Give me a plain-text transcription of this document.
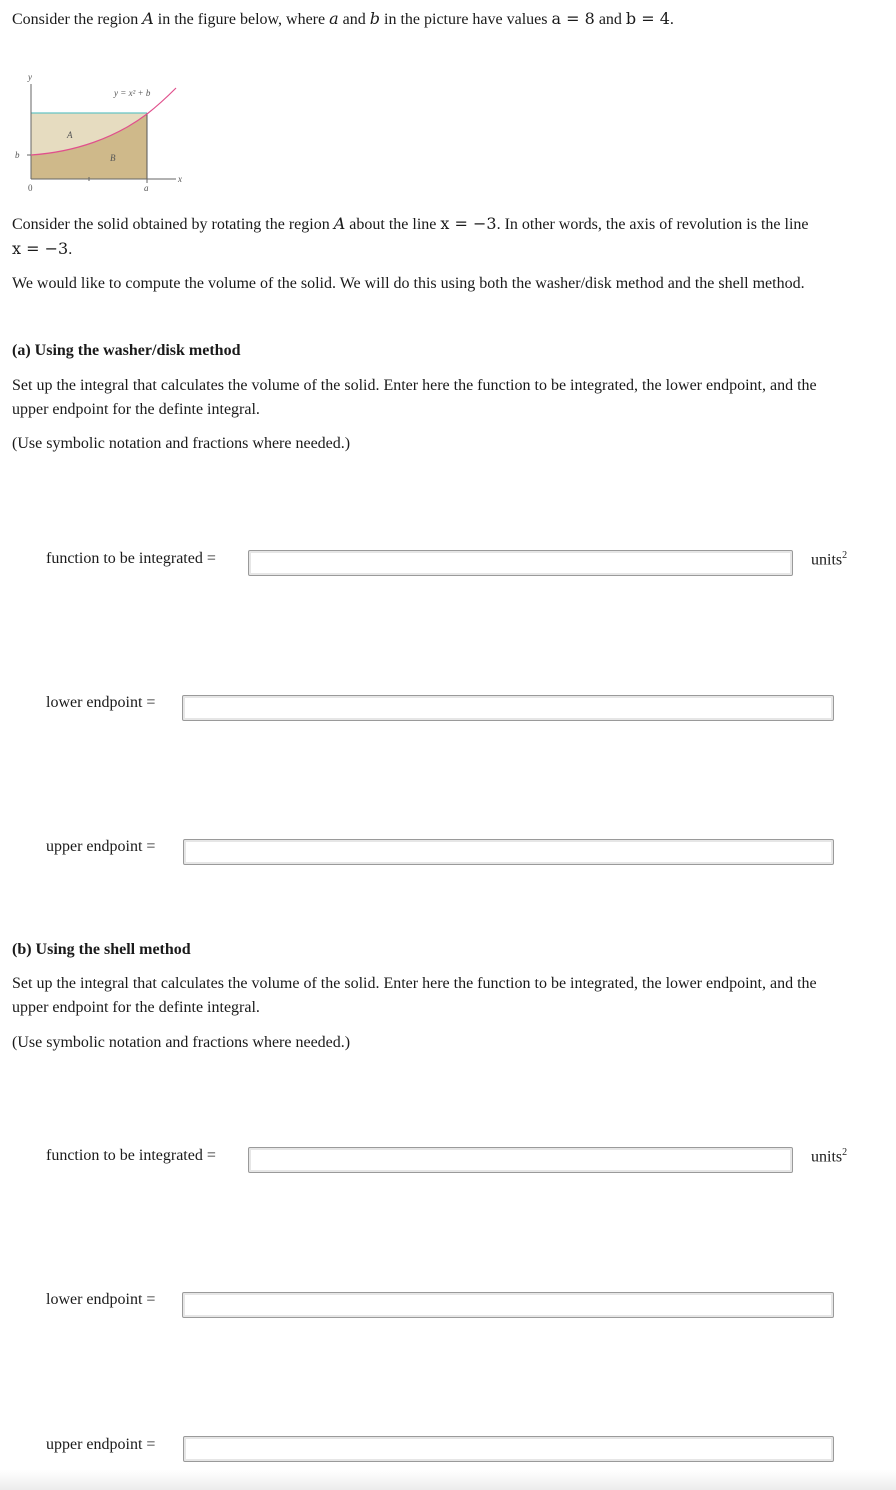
Consider the region A in the figure below, where a and b in the picture have values a = 8 and b = 4.

y
x
y = x² + b
A
B
b
0	a

Consider the solid obtained by rotating the region A about the line x = −3. In other words, the axis of revolution is the line

x = −3.

We would like to compute the volume of the solid. We will do this using both the washer/disk method and the shell method.

(a) Using the washer/disk method

Set up the integral that calculates the volume of the solid. Enter here the function to be integrated, the lower endpoint, and the

upper endpoint for the definte integral.

(Use symbolic notation and fractions where needed.)

function to be integrated =	units$^2$
lower endpoint =
upper endpoint =

(b) Using the shell method

Set up the integral that calculates the volume of the solid. Enter here the function to be integrated, the lower endpoint, and the

upper endpoint for the definte integral.

(Use symbolic notation and fractions where needed.)

function to be integrated =	units$^2$
lower endpoint =
upper endpoint =
